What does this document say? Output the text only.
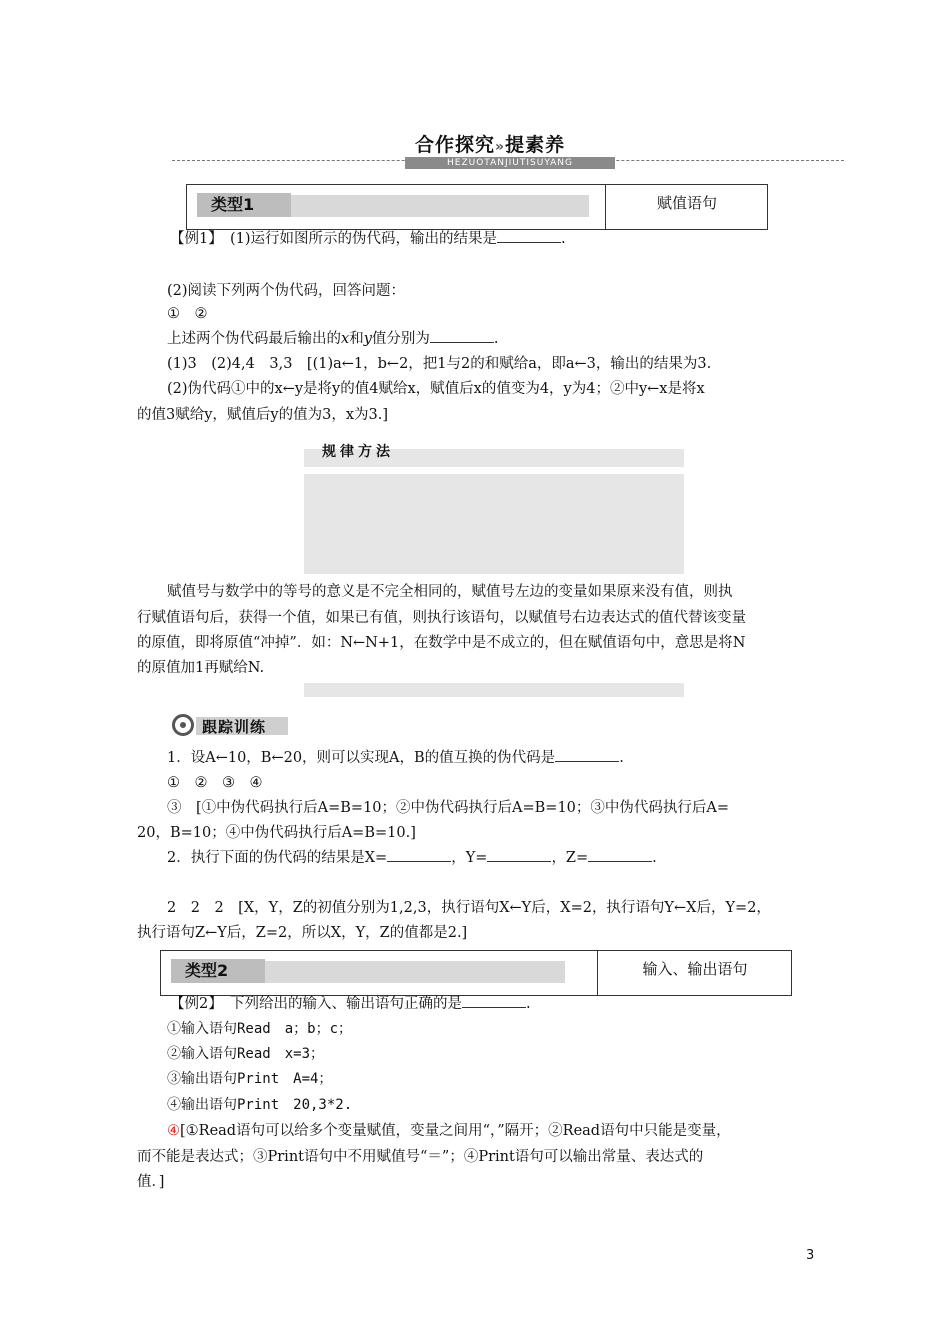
合作探究»提素养
HEZUOTANJIUTISUYANG
类型1	赋值语句
【例1】　 (1)运行如图所示的伪代码，输出的结果是	.
(2)阅读下列两个伪代码，回答问题：
①　②
上述两个伪代码最后输出的x和y值分别为	.
(1)3　(2)4,4　3,3　[(1)a←1，b←2，把1与2的和赋给a，即a←3，输出的结果为3.
(2)伪代码①中的x←y是将y的值4赋给x，赋值后x的值变为4，y为4；②中y←x是将x
的值3赋给y，赋值后y的值为3，x为3.]
规律方法
赋值号与数学中的等号的意义是不完全相同的，赋值号左边的变量如果原来没有值，则执
行赋值语句后，获得一个值，如果已有值，则执行该语句，以赋值号右边表达式的值代替该变量
的原值，即将原值“冲掉”．如：N←N+1，在数学中是不成立的，但在赋值语句中，意思是将N
的原值加1再赋给N.
跟踪训练
1．设A←10，B←20，则可以实现A，B的值互换的伪代码是	.
①　②　③　④
③　[①中伪代码执行后A=B=10；②中伪代码执行后A=B=10；③中伪代码执行后A=
20，B=10；④中伪代码执行后A=B=10.]
2．执行下面的伪代码的结果是X=	，Y=	，Z=	.
2　2　2　[X，Y，Z的初值分别为1,2,3，执行语句X←Y后，X=2，执行语句Y←X后，Y=2，
执行语句Z←Y后，Z=2，所以X，Y，Z的值都是2.]
类型2	输入、输出语句
【例2】　下列给出的输入、输出语句正确的是	.
①输入语句Read　a；b；c；
②输入语句Read　x=3；
③输出语句Print　A=4；
④输出语句Print　20,3*2.
④[①Read语句可以给多个变量赋值，变量之间用“，”隔开；②Read语句中只能是变量，
而不能是表达式；③Print语句中不用赋值号“＝”；④Print语句可以输出常量、表达式的
值．]
3
